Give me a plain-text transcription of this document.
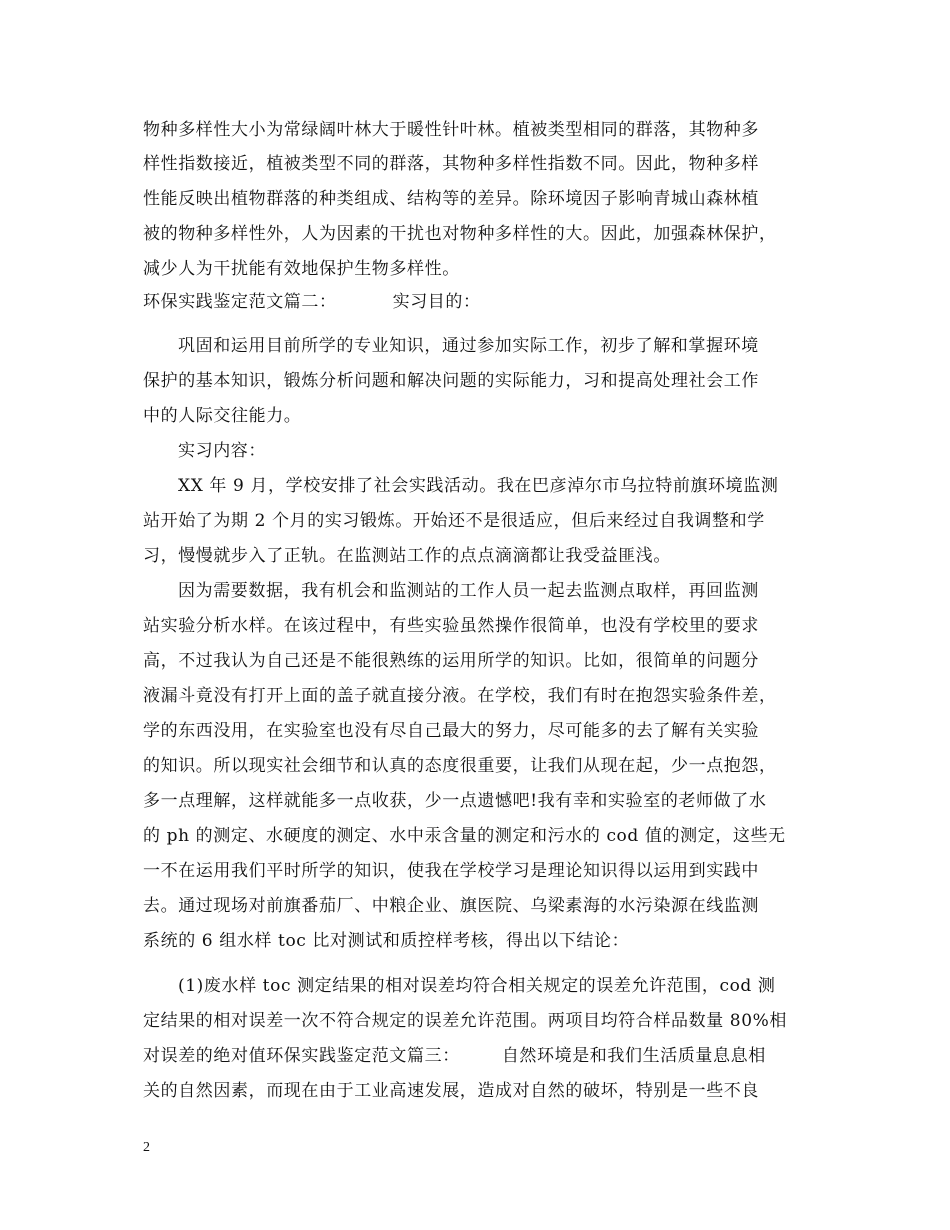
物种多样性大小为常绿阔叶林大于暖性针叶林。植被类型相同的群落，其物种多
样性指数接近，植被类型不同的群落，其物种多样性指数不同。因此，物种多样
性能反映出植物群落的种类组成、结构等的差异。除环境因子影响青城山森林植
被的物种多样性外，人为因素的干扰也对物种多样性的大。因此，加强森林保护，
减少人为干扰能有效地保护生物多样性。
环保实践鉴定范文篇二：	实习目的：
巩固和运用目前所学的专业知识，通过参加实际工作，初步了解和掌握环境
保护的基本知识，锻炼分析问题和解决问题的实际能力，习和提高处理社会工作
中的人际交往能力。
实习内容：
XX 年 9 月，学校安排了社会实践活动。我在巴彦淖尔市乌拉特前旗环境监测
站开始了为期 2 个月的实习锻炼。开始还不是很适应，但后来经过自我调整和学
习，慢慢就步入了正轨。在监测站工作的点点滴滴都让我受益匪浅。
因为需要数据，我有机会和监测站的工作人员一起去监测点取样，再回监测
站实验分析水样。在该过程中，有些实验虽然操作很简单，也没有学校里的要求
高，不过我认为自己还是不能很熟练的运用所学的知识。比如，很简单的问题分
液漏斗竟没有打开上面的盖子就直接分液。在学校，我们有时在抱怨实验条件差，
学的东西没用，在实验室也没有尽自己最大的努力，尽可能多的去了解有关实验
的知识。所以现实社会细节和认真的态度很重要，让我们从现在起，少一点抱怨，
多一点理解，这样就能多一点收获，少一点遗憾吧!我有幸和实验室的老师做了水
的 ph 的测定、水硬度的测定、水中汞含量的测定和污水的 cod 值的测定，这些无
一不在运用我们平时所学的知识，使我在学校学习是理论知识得以运用到实践中
去。通过现场对前旗番茄厂、中粮企业、旗医院、乌梁素海的水污染源在线监测
系统的 6 组水样 toc 比对测试和质控样考核，得出以下结论：
(1)废水样 toc 测定结果的相对误差均符合相关规定的误差允许范围，cod 测
定结果的相对误差一次不符合规定的误差允许范围。两项目均符合样品数量 80%相
对误差的绝对值环保实践鉴定范文篇三： 自然环境是和我们生活质量息息相
关的自然因素，而现在由于工业高速发展，造成对自然的破坏，特别是一些不良
2
